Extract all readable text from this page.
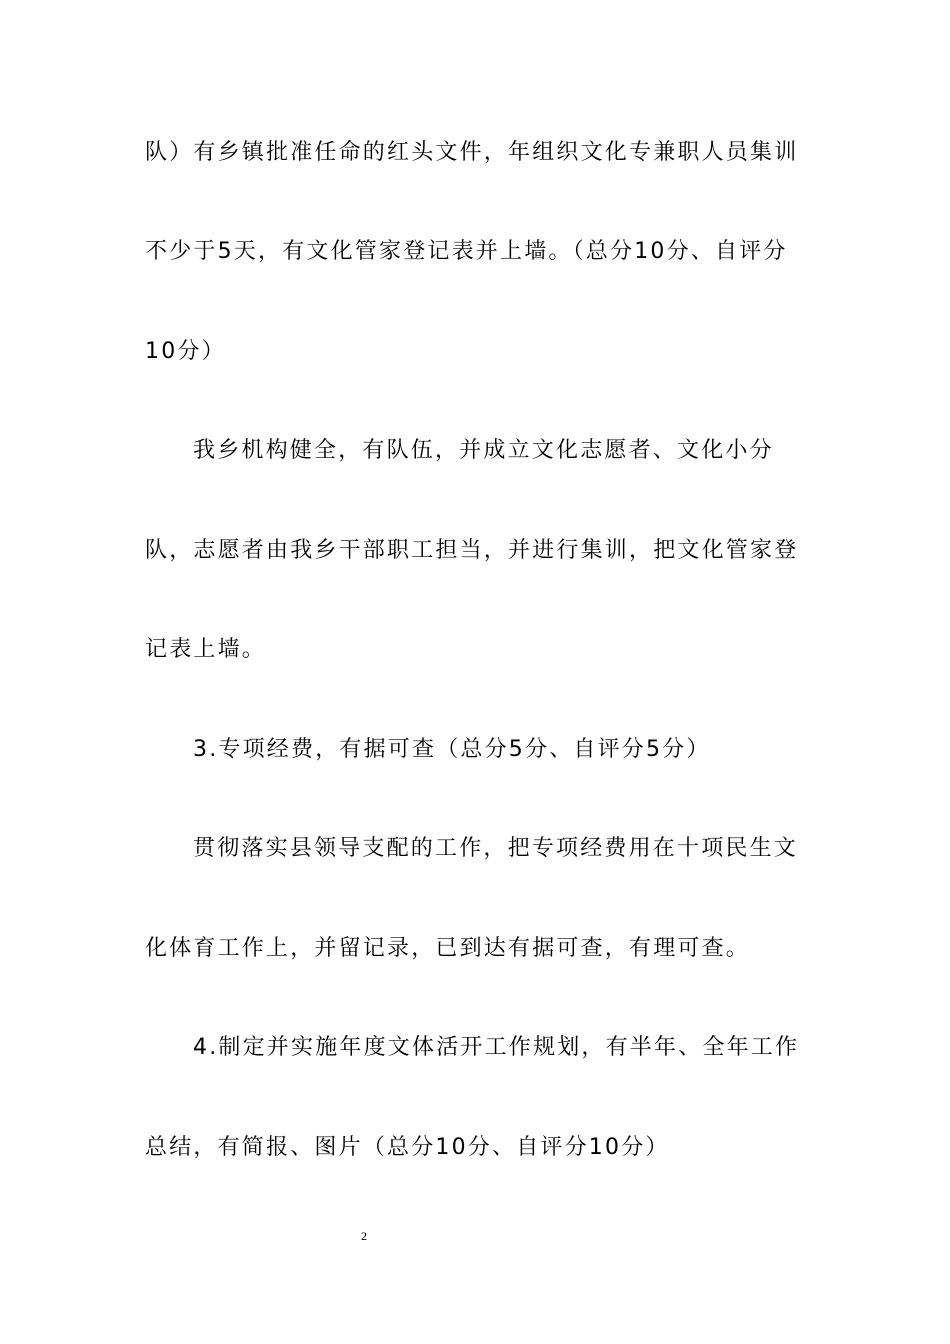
队）有乡镇批准任命的红头文件，年组织文化专兼职人员集训
不少于5天，有文化管家登记表并上墙。（总分10分、自评分
10分）
我乡机构健全，有队伍，并成立文化志愿者、文化小分
队，志愿者由我乡干部职工担当，并进行集训，把文化管家登
记表上墙。
3.专项经费，有据可查（总分5分、自评分5分）
贯彻落实县领导支配的工作，把专项经费用在十项民生文
化体育工作上，并留记录，已到达有据可查，有理可查。
4.制定并实施年度文体活开工作规划，有半年、全年工作
总结，有简报、图片（总分10分、自评分10分）
2
